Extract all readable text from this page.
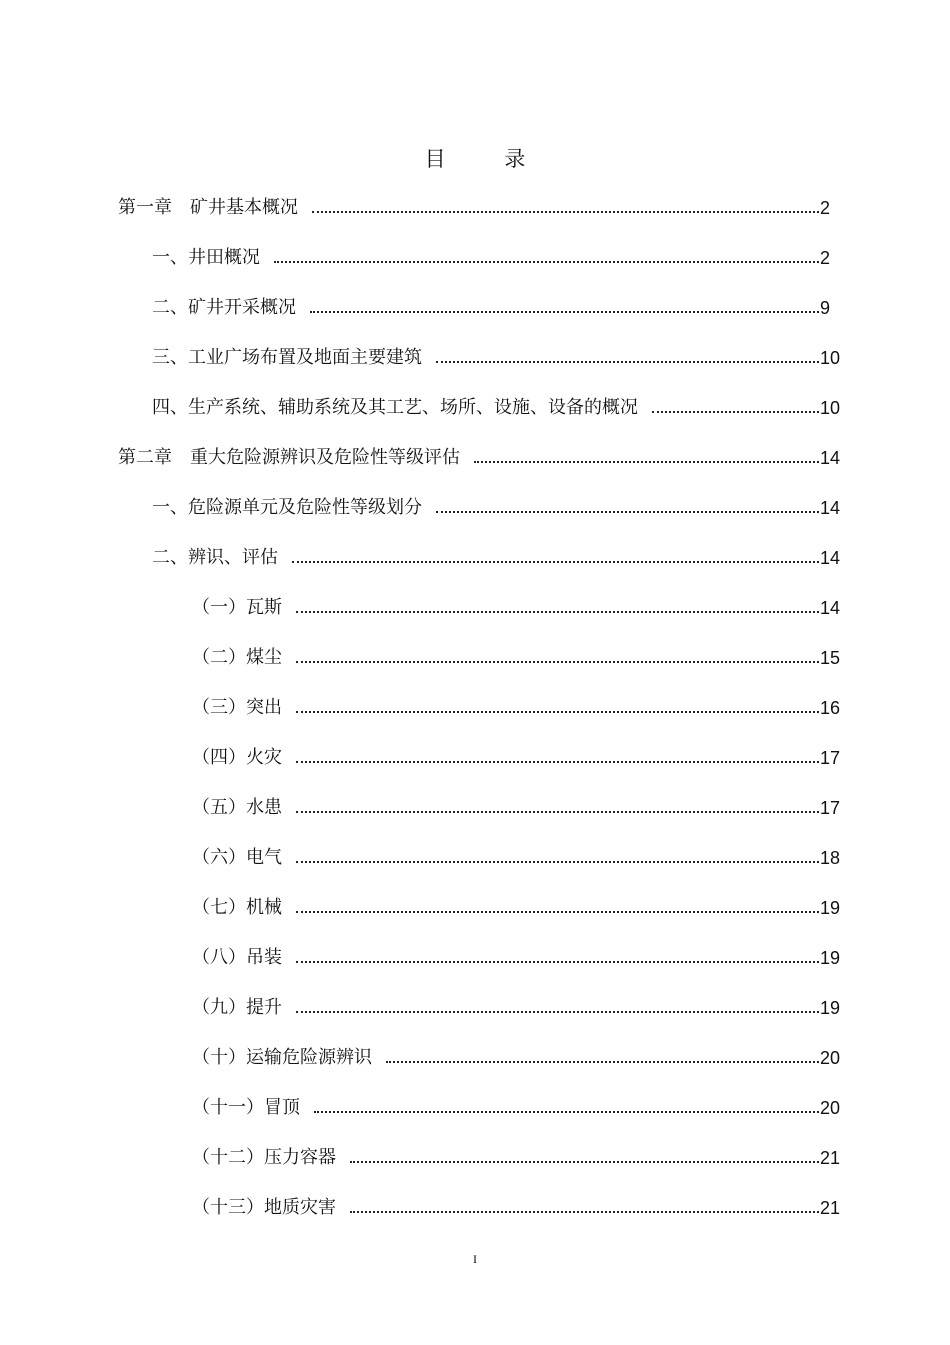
目 录
第一章　矿井基本概况	2
一、井田概况	2
二、矿井开采概况	9
三、工业广场布置及地面主要建筑	10
四、生产系统、辅助系统及其工艺、场所、设施、设备的概况	10
第二章　重大危险源辨识及危险性等级评估	14
一、危险源单元及危险性等级划分	14
二、辨识、评估	14
（一）瓦斯	14
（二）煤尘	15
（三）突出	16
（四）火灾	17
（五）水患	17
（六）电气	18
（七）机械	19
（八）吊装	19
（九）提升	19
（十）运输危险源辨识	20
（十一）冒顶	20
（十二）压力容器	21
（十三）地质灾害	21
I
